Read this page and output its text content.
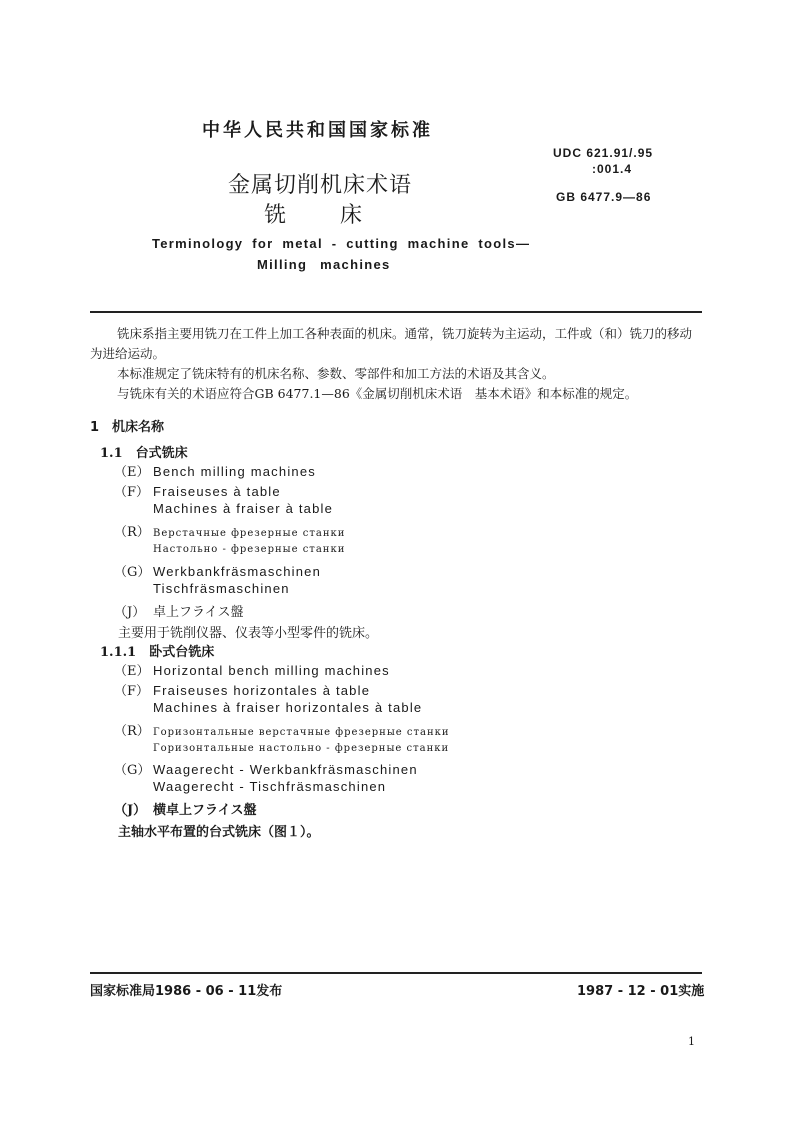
中华人民共和国国家标准
UDC 621.91/.95
:001.4
GB 6477.9—86
金属切削机床术语
铣 床
Terminology for metal - cutting machine tools—
Milling machines
铣床系指主要用铣刀在工件上加工各种表面的机床。通常，铣刀旋转为主运动，工件或（和）铣刀的移动为进给运动。
本标准规定了铣床特有的机床名称、参数、零部件和加工方法的术语及其含义。
与铣床有关的术语应符合GB 6477.1—86《金属切削机床术语　基本术语》和本标准的规定。
1　机床名称
1.1　台式铣床
（E） Bench milling machines
（F） Fraiseuses à table
Machines à fraiser à table
（R） Верстачные фрезерные станки
Настольно - фрезерные станки
（G） Werkbankfräsmaschinen
Tischfräsmaschinen
（J） 卓上フライス盤
主要用于铣削仪器、仪表等小型零件的铣床。
1.1.1　卧式台铣床
（E） Horizontal bench milling machines
（F） Fraiseuses horizontales à table
Machines à fraiser horizontales à table
（R） Горизонтальные верстачные фрезерные станки
Горизонтальные настольно - фрезерные станки
（G） Waagerecht - Werkbankfräsmaschinen
Waagerecht - Tischfräsmaschinen
（J） 横卓上フライス盤
主轴水平布置的台式铣床（图１）。
国家标准局1986 - 06 - 11发布	1987 - 12 - 01实施
1
